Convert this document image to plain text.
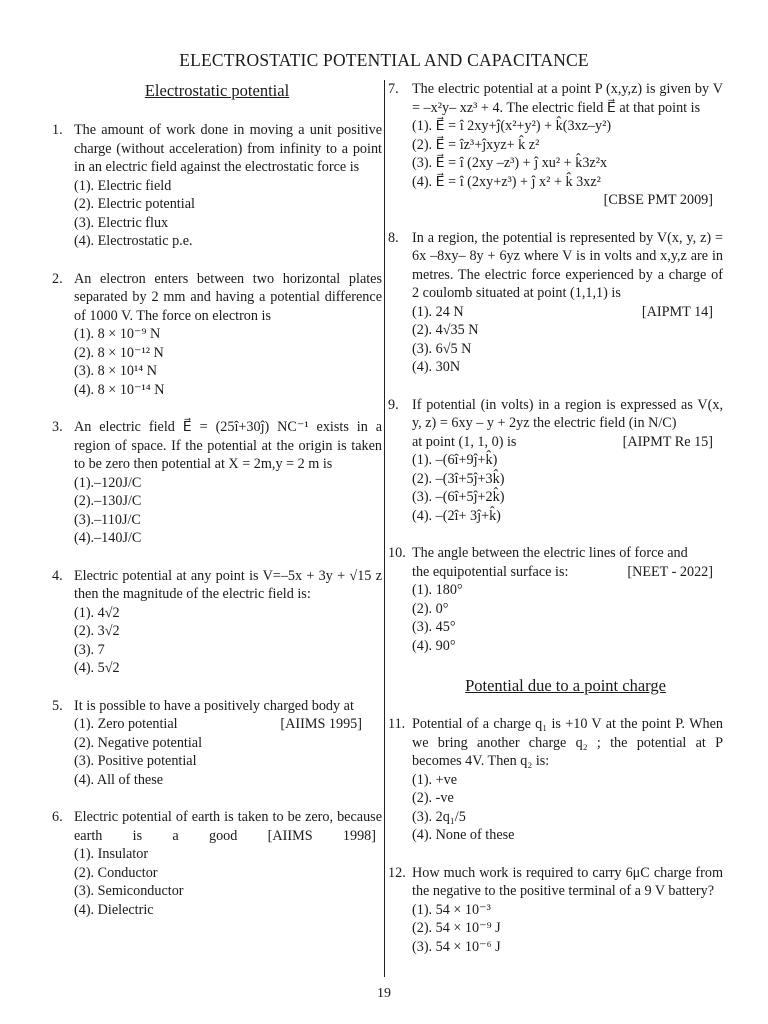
ELECTROSTATIC POTENTIAL AND CAPACITANCE
Electrostatic potential
1. The amount of work done in moving a unit positive charge (without acceleration) from infinity to a point in an electric field against the electrostatic force is
(1). Electric field
(2). Electric potential
(3). Electric flux
(4). Electrostatic p.e.
2. An electron enters between two horizontal plates separated by 2 mm and having a potential difference of 1000 V. The force on electron is
(1). 8 × 10⁻⁹ N
(2). 8 × 10⁻¹² N
(3). 8 × 10¹⁴ N
(4). 8 × 10⁻¹⁴ N
3. An electric field E⃗ = (25î+30ĵ) NC⁻¹ exists in a region of space. If the potential at the origin is taken to be zero then potential at X = 2m,y = 2 m is
(1).–120J/C
(2).–130J/C
(3).–110J/C
(4).–140J/C
4. Electric potential at any point is V=–5x + 3y + √15 z then the magnitude of the electric field is:
(1). 4√2
(2). 3√2
(3). 7
(4). 5√2
5. It is possible to have a positively charged body at
(1). Zero potential	[AIIMS 1995]
(2). Negative potential
(3). Positive potential
(4). All of these
6. Electric potential of earth is taken to be zero, because earth is a good [AIIMS 1998]
(1). Insulator
(2). Conductor
(3). Semiconductor
(4). Dielectric
7. The electric potential at a point P (x,y,z) is given by V = –x²y– xz³ + 4. The electric field E⃗ at that point is
(1). E⃗ = î 2xy+ĵ(x²+y²) + k̂(3xz–y²)
(2). E⃗ = îz³+ĵxyz+ k̂ z²
(3). E⃗ = î (2xy –z³) + ĵ xu² + k̂3z²x
(4). E⃗ = î (2xy+z³) + ĵ x² + k̂ 3xz²
[CBSE PMT 2009]
8. In a region, the potential is represented by V(x, y, z) = 6x –8xy– 8y + 6yz where V is in volts and x,y,z are in metres. The electric force experienced by a charge of 2 coulomb situated at point (1,1,1) is
(1). 24 N	[AIPMT 14]
(2). 4√35 N
(3). 6√5 N
(4). 30N
9. If potential (in volts) in a region is expressed as V(x, y, z) = 6xy – y + 2yz the electric field (in N/C)
at point (1, 1, 0) is	[AIPMT Re 15]
(1). –(6î+9ĵ+k̂)
(2). –(3î+5ĵ+3k̂)
(3). –(6î+5ĵ+2k̂)
(4). –(2î+ 3ĵ+k̂)
10. The angle between the electric lines of force and
the equipotential surface is:	[NEET - 2022]
(1). 180°
(2). 0°
(3). 45°
(4). 90°
Potential due to a point charge
11. Potential of a charge q₁ is +10 V at the point P. When we bring another charge q₂ ; the potential at P becomes 4V. Then q₂ is:
(1). +ve
(2). -ve
(3). 2q₁/5
(4). None of these
12. How much work is required to carry 6μC charge from the negative to the positive terminal of a 9 V battery?
(1). 54 × 10⁻³
(2). 54 × 10⁻⁹ J
(3). 54 × 10⁻⁶ J
19
